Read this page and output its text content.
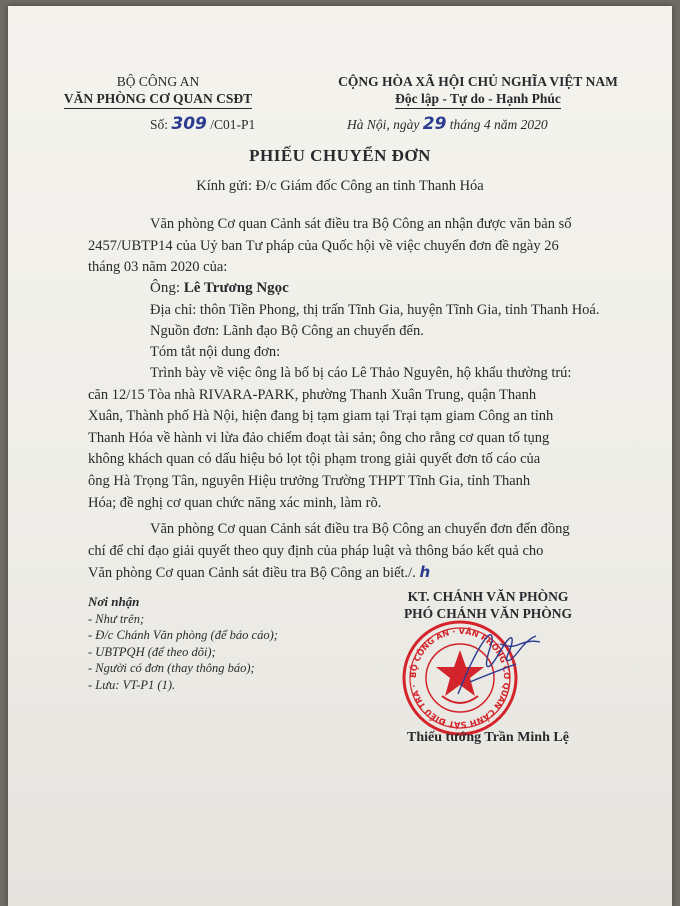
BỘ CÔNG AN
VĂN PHÒNG CƠ QUAN CSĐT
CỘNG HÒA XÃ HỘI CHỦ NGHĨA VIỆT NAM
Độc lập - Tự do - Hạnh Phúc
Số: 309 /C01-P1	Hà Nội, ngày 29 tháng 4 năm 2020
PHIẾU CHUYỂN ĐƠN
Kính gửi: Đ/c Giám đốc Công an tỉnh Thanh Hóa
Văn phòng Cơ quan Cảnh sát điều tra Bộ Công an nhận được văn bản số
2457/UBTP14 của Uỷ ban Tư pháp của Quốc hội về việc chuyển đơn đề ngày 26
tháng 03 năm 2020 của:
Ông: Lê Trương Ngọc
Địa chỉ: thôn Tiền Phong, thị trấn Tĩnh Gia, huyện Tĩnh Gia, tỉnh Thanh Hoá.
Nguồn đơn: Lãnh đạo Bộ Công an chuyển đến.
Tóm tắt nội dung đơn:
Trình bày về việc ông là bố bị cáo Lê Thảo Nguyên, hộ khẩu thường trú:
căn 12/15 Tòa nhà RIVARA-PARK, phường Thanh Xuân Trung, quận Thanh
Xuân, Thành phố Hà Nội, hiện đang bị tạm giam tại Trại tạm giam Công an tỉnh
Thanh Hóa về hành vi lừa đảo chiếm đoạt tài sản; ông cho rằng cơ quan tố tụng
không khách quan có dấu hiệu bỏ lọt tội phạm trong giải quyết đơn tố cáo của
ông Hà Trọng Tân, nguyên Hiệu trưởng Trường THPT Tĩnh Gia, tỉnh Thanh
Hóa; đề nghị cơ quan chức năng xác minh, làm rõ.
Văn phòng Cơ quan Cảnh sát điều tra Bộ Công an chuyển đơn đến đồng
chí để chỉ đạo giải quyết theo quy định của pháp luật và thông báo kết quả cho
Văn phòng Cơ quan Cảnh sát điều tra Bộ Công an biết./. h
Nơi nhận
- Như trên;
- Đ/c Chánh Văn phòng (để báo cáo);
- UBTPQH (để theo dõi);
- Người có đơn (thay thông báo);
- Lưu: VT-P1 (1).
KT. CHÁNH VĂN PHÒNG
PHÓ CHÁNH VĂN PHÒNG
BỘ CÔNG AN · VĂN PHÒNG CƠ QUAN CẢNH SÁT ĐIỀU TRA ·
Thiếu tướng Trần Minh Lệ
